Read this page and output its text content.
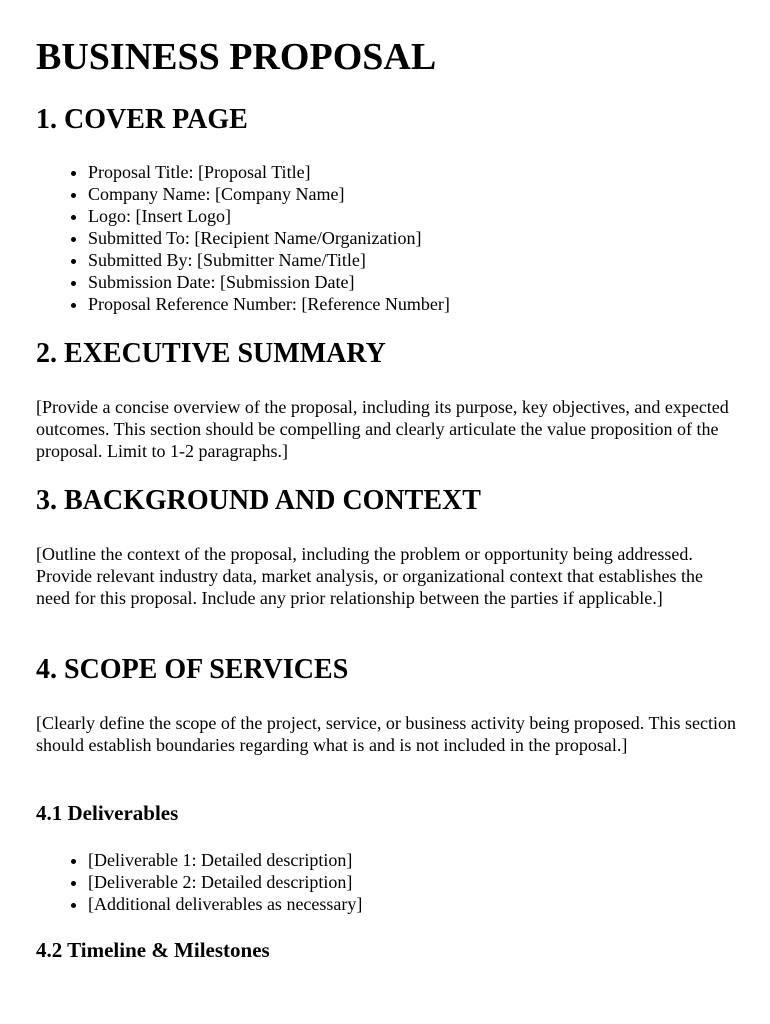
BUSINESS PROPOSAL
1. COVER PAGE
• Proposal Title: [Proposal Title]
• Company Name: [Company Name]
• Logo: [Insert Logo]
• Submitted To: [Recipient Name/Organization]
• Submitted By: [Submitter Name/Title]
• Submission Date: [Submission Date]
• Proposal Reference Number: [Reference Number]
2. EXECUTIVE SUMMARY

[Provide a concise overview of the proposal, including its purpose, key objectives, and expected outcomes. This section should be compelling and clearly articulate the value proposition of the proposal. Limit to 1-2 paragraphs.]

3. BACKGROUND AND CONTEXT

[Outline the context of the proposal, including the problem or opportunity being addressed. Provide relevant industry data, market analysis, or organizational context that establishes the need for this proposal. Include any prior relationship between the parties if applicable.]

4. SCOPE OF SERVICES

[Clearly define the scope of the project, service, or business activity being proposed. This section should establish boundaries regarding what is and is not included in the proposal.]

4.1 Deliverables
• [Deliverable 1: Detailed description]
• [Deliverable 2: Detailed description]
• [Additional deliverables as necessary]
4.2 Timeline & Milestones
